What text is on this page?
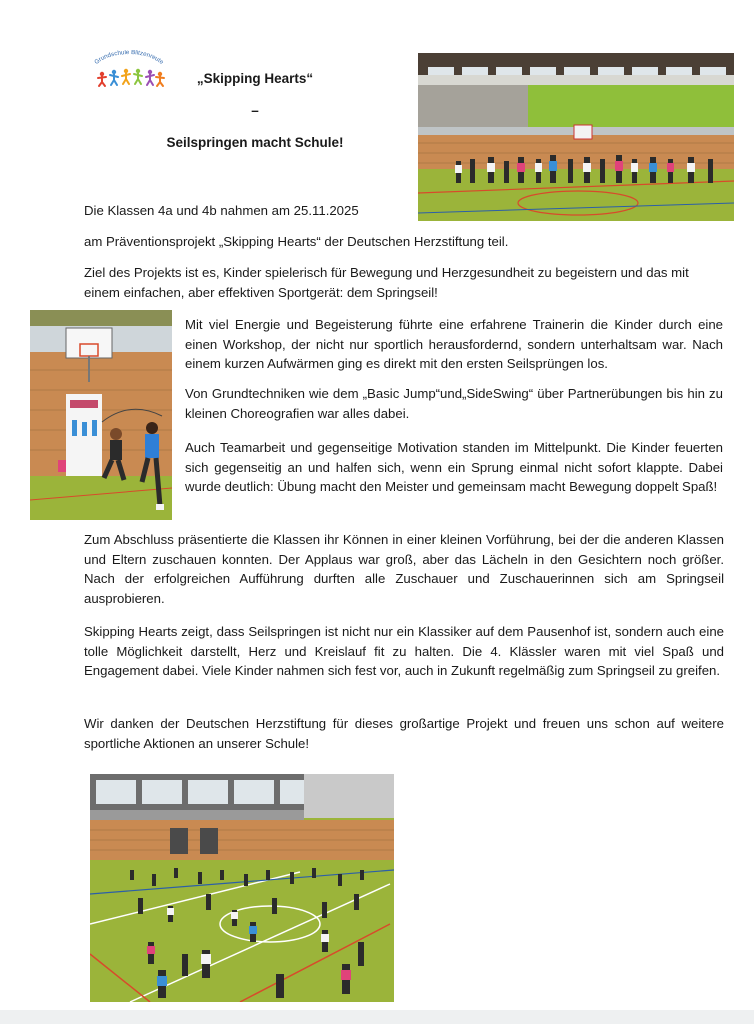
Grundschule Blitzenreute
„Skipping Hearts“
–
Seilspringen macht Schule!

Die Klassen 4a und 4b nahmen am 25.11.2025

am Präventionsprojekt „Skipping Hearts“ der Deutschen Herzstiftung teil.

Ziel des Projekts ist es, Kinder spielerisch für Bewegung und Herzgesundheit zu begeistern und das mit einem einfachen, aber effektiven Sportgerät: dem Springseil!

Mit viel Energie und Begeisterung führte eine erfahrene Trainerin die Kinder durch eine einen Workshop, der nicht nur sportlich herausfordernd, sondern unterhaltsam war. Nach einem kurzen Aufwärmen ging es direkt mit den ersten Seilsprüngen los.

Von Grundtechniken wie dem „Basic Jump“und„SideSwing“ über Partnerübungen bis hin zu kleinen Choreografien war alles dabei.

Auch Teamarbeit und gegenseitige Motivation standen im Mittelpunkt. Die Kinder feuerten sich gegenseitig an und halfen sich, wenn ein Sprung einmal nicht sofort klappte. Dabei wurde deutlich: Übung macht den Meister und gemeinsam macht Bewegung doppelt Spaß!

Zum Abschluss präsentierte die Klassen ihr Können in einer kleinen Vorführung, bei der die anderen Klassen und Eltern zuschauen konnten. Der Applaus war groß, aber das Lächeln in den Gesichtern noch größer. Nach der erfolgreichen Aufführung durften alle Zuschauer und Zuschauerinnen sich am Springseil ausprobieren.

Skipping Hearts zeigt, dass Seilspringen ist nicht nur ein Klassiker auf dem Pausenhof ist, sondern auch eine tolle Möglichkeit darstellt, Herz und Kreislauf fit zu halten. Die 4. Klässler waren mit viel Spaß und Engagement dabei. Viele Kinder nahmen sich fest vor, auch in Zukunft regelmäßig zum Springseil zu greifen.

Wir danken der Deutschen Herzstiftung für dieses großartige Projekt und freuen uns schon auf weitere sportliche Aktionen an unserer Schule!
